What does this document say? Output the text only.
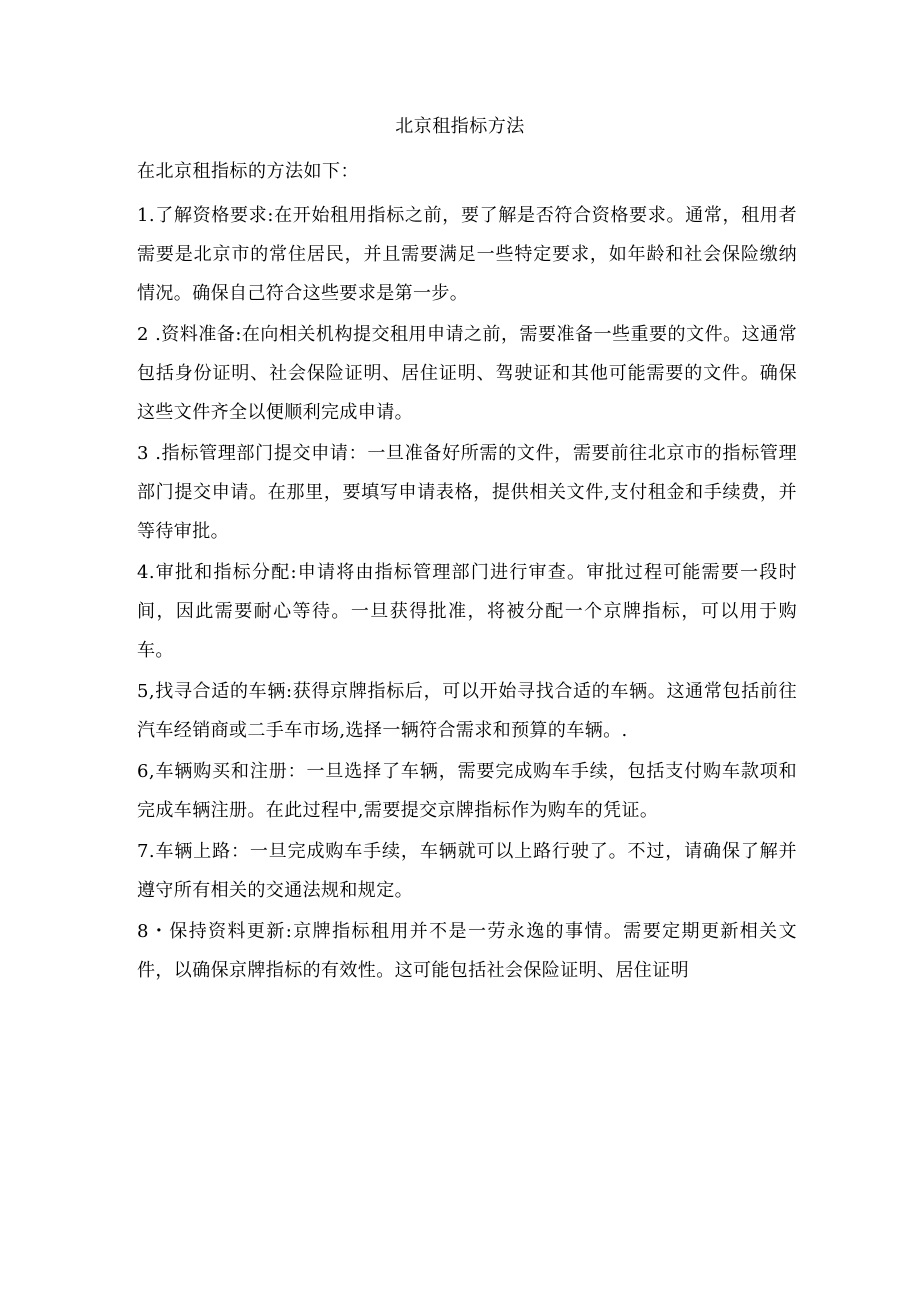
北京租指标方法

在北京租指标的方法如下：

1.了解资格要求:在开始租用指标之前，要了解是否符合资格要求。通常，租用者需要是北京市的常住居民，并且需要满足一些特定要求，如年龄和社会保险缴纳情况。确保自己符合这些要求是第一步。

2 .资料准备:在向相关机构提交租用申请之前，需要准备一些重要的文件。这通常包括身份证明、社会保险证明、居住证明、驾驶证和其他可能需要的文件。确保这些文件齐全以便顺利完成申请。

3 .指标管理部门提交申请：一旦准备好所需的文件，需要前往北京市的指标管理部门提交申请。在那里，要填写申请表格，提供相关文件,支付租金和手续费，并等待审批。

4.审批和指标分配:申请将由指标管理部门进行审查。审批过程可能需要一段时间，因此需要耐心等待。一旦获得批准，将被分配一个京牌指标，可以用于购车。

5,找寻合适的车辆:获得京牌指标后，可以开始寻找合适的车辆。这通常包括前往汽车经销商或二手车市场,选择一辆符合需求和预算的车辆。.

6,车辆购买和注册：一旦选择了车辆，需要完成购车手续，包括支付购车款项和完成车辆注册。在此过程中,需要提交京牌指标作为购车的凭证。

7.车辆上路：一旦完成购车手续，车辆就可以上路行驶了。不过，请确保了解并遵守所有相关的交通法规和规定。

8・保持资料更新:京牌指标租用并不是一劳永逸的事情。需要定期更新相关文件，以确保京牌指标的有效性。这可能包括社会保险证明、居住证明
